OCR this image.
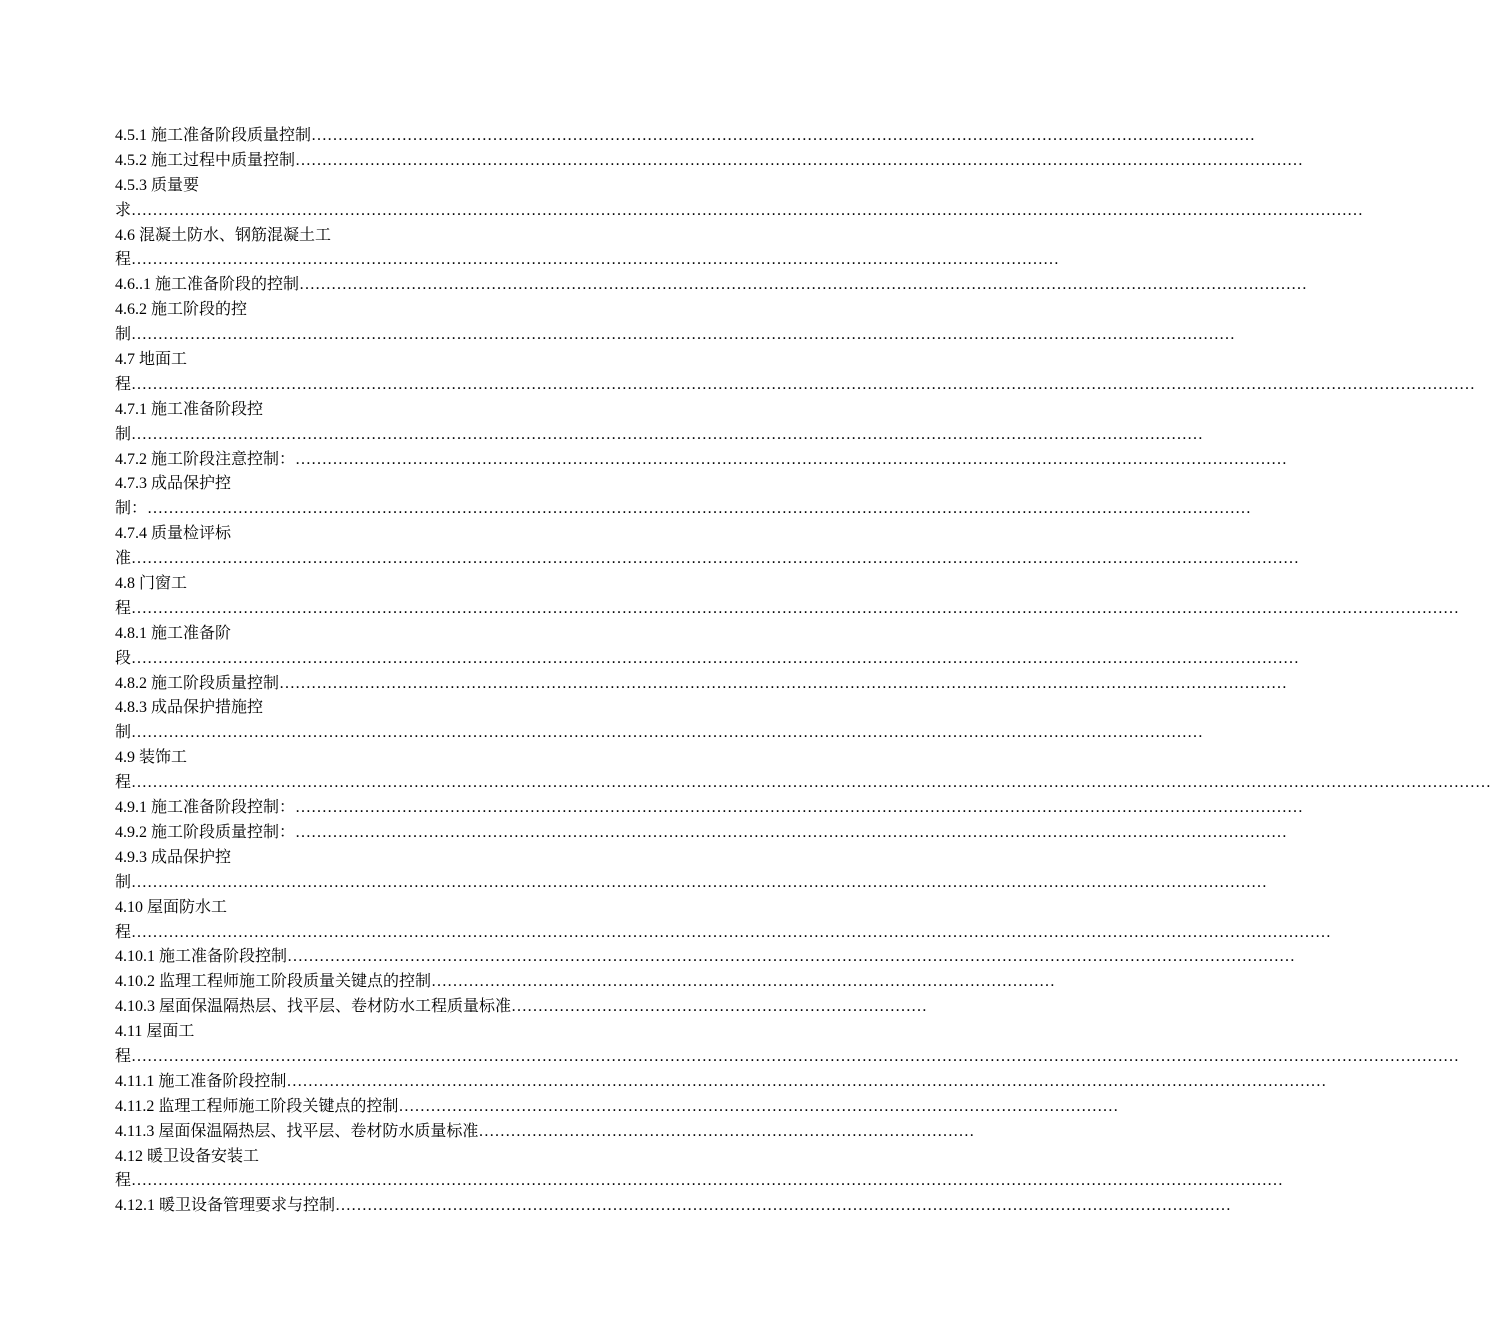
4.5.1 施工准备阶段质量控制……………………………………………………………………………………………………………………………………………………………
4.5.2 施工过程中质量控制………………………………………………………………………………………………………………………………………………………………………
4.5.3 质量要
求……………………………………………………………………………………………………………………………………………………………………………………………………………
4.6 混凝土防水、钢筋混凝土工
程…………………………………………………………………………………………………………………………………………………………
4.6..1 施工准备阶段的控制………………………………………………………………………………………………………………………………………………………………………
4.6.2 施工阶段的控
制………………………………………………………………………………………………………………………………………………………………………………………
4.7 地面工
程………………………………………………………………………………………………………………………………………………………………………………………………………………………………
4.7.1 施工准备阶段控
制…………………………………………………………………………………………………………………………………………………………………………………
4.7.2 施工阶段注意控制：……………………………………………………………………………………………………………………………………………………………………
4.7.3 成品保护控
制：………………………………………………………………………………………………………………………………………………………………………………………
4.7.4 质量检评标
准…………………………………………………………………………………………………………………………………………………………………………………………………
4.8 门窗工
程……………………………………………………………………………………………………………………………………………………………………………………………………………………………
4.8.1 施工准备阶
段…………………………………………………………………………………………………………………………………………………………………………………………………
4.8.2 施工阶段质量控制………………………………………………………………………………………………………………………………………………………………………
4.8.3 成品保护措施控
制…………………………………………………………………………………………………………………………………………………………………………………
4.9 装饰工
程…………………………………………………………………………………………………………………………………………………………………………………………………………………………………
4.9.1 施工准备阶段控制：………………………………………………………………………………………………………………………………………………………………………
4.9.2 施工阶段质量控制：……………………………………………………………………………………………………………………………………………………………………
4.9.3 成品保护控
制……………………………………………………………………………………………………………………………………………………………………………………………
4.10 屋面防水工
程………………………………………………………………………………………………………………………………………………………………………………………………………
4.10.1 施工准备阶段控制………………………………………………………………………………………………………………………………………………………………………
4.10.2 监理工程师施工阶段质量关键点的控制………………………………………………………………………………………………………
4.10.3 屋面保温隔热层、找平层、卷材防水工程质量标准……………………………………………………………………
4.11 屋面工
程……………………………………………………………………………………………………………………………………………………………………………………………………………………………
4.11.1 施工准备阶段控制……………………………………………………………………………………………………………………………………………………………………………
4.11.2 监理工程师施工阶段关键点的控制………………………………………………………………………………………………………………………
4.11.3 屋面保温隔热层、找平层、卷材防水质量标准…………………………………………………………………………………
4.12 暖卫设备安装工
程………………………………………………………………………………………………………………………………………………………………………………………………
4.12.1 暖卫设备管理要求与控制……………………………………………………………………………………………………………………………………………………
